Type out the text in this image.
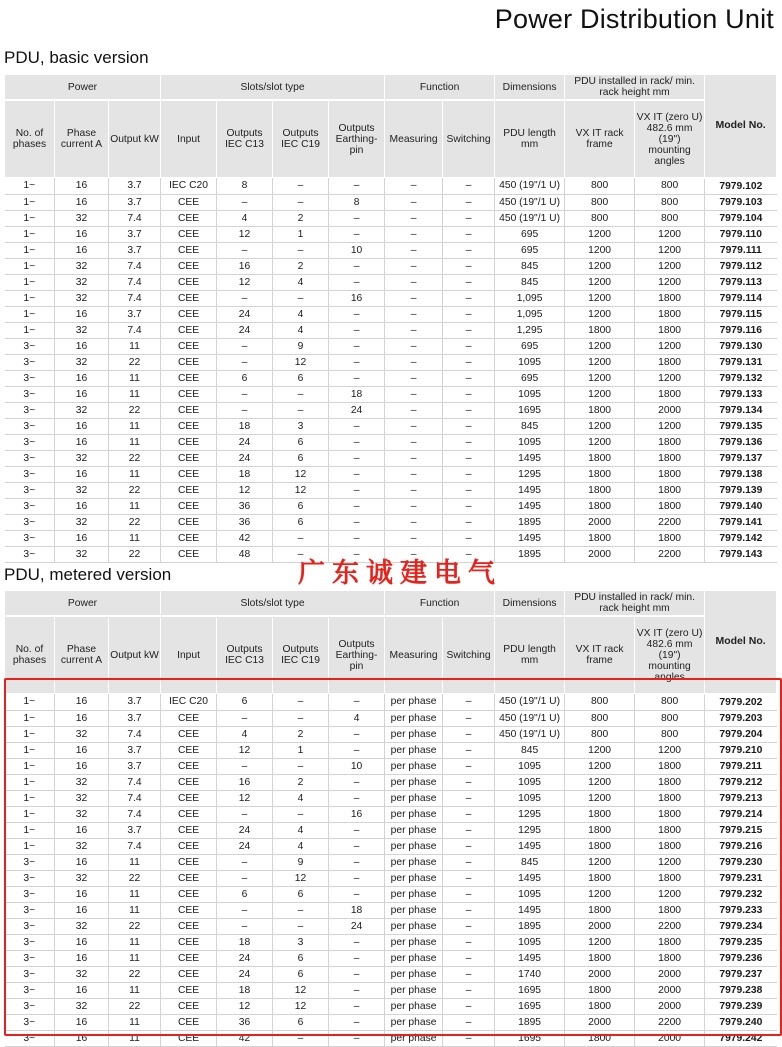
Power Distribution Unit
PDU, basic version
Power			Slots/slot type				Function		Dimensions	PDU installed in rack/ min. rack height mm		Model No.
No. of phases	Phase current A	Output kW	Input	Outputs IEC C13	Outputs IEC C19	Outputs Earthing-pin	Measuring	Switching	PDU length mm	VX IT rack frame	VX IT (zero U) 482.6 mm (19") mounting angles	
1~	16	3.7	IEC C20	8	–	–	–	–	450 (19"/1 U)	800	800	7979.102
1~	16	3.7	CEE	–	–	8	–	–	450 (19"/1 U)	800	800	7979.103
1~	32	7.4	CEE	4	2	–	–	–	450 (19"/1 U)	800	800	7979.104
1~	16	3.7	CEE	12	1	–	–	–	695	1200	1200	7979.110
1~	16	3.7	CEE	–	–	10	–	–	695	1200	1200	7979.111
1~	32	7.4	CEE	16	2	–	–	–	845	1200	1200	7979.112
1~	32	7.4	CEE	12	4	–	–	–	845	1200	1200	7979.113
1~	32	7.4	CEE	–	–	16	–	–	1,095	1200	1800	7979.114
1~	16	3.7	CEE	24	4	–	–	–	1,095	1200	1800	7979.115
1~	32	7.4	CEE	24	4	–	–	–	1,295	1800	1800	7979.116
3~	16	11	CEE	–	9	–	–	–	695	1200	1200	7979.130
3~	32	22	CEE	–	12	–	–	–	1095	1200	1800	7979.131
3~	16	11	CEE	6	6	–	–	–	695	1200	1200	7979.132
3~	16	11	CEE	–	–	18	–	–	1095	1200	1800	7979.133
3~	32	22	CEE	–	–	24	–	–	1695	1800	2000	7979.134
3~	16	11	CEE	18	3	–	–	–	845	1200	1200	7979.135
3~	16	11	CEE	24	6	–	–	–	1095	1200	1800	7979.136
3~	32	22	CEE	24	6	–	–	–	1495	1800	1800	7979.137
3~	16	11	CEE	18	12	–	–	–	1295	1800	1800	7979.138
3~	32	22	CEE	12	12	–	–	–	1495	1800	1800	7979.139
3~	16	11	CEE	36	6	–	–	–	1495	1800	1800	7979.140
3~	32	22	CEE	36	6	–	–	–	1895	2000	2200	7979.141
3~	16	11	CEE	42	–	–	–	–	1495	1800	1800	7979.142
3~	32	22	CEE	48	–	–	–	–	1895	2000	2200	7979.143
PDU, metered version	广东诚建电气
Power			Slots/slot type				Function		Dimensions	PDU installed in rack/ min. rack height mm		Model No.
No. of phases	Phase current A	Output kW	Input	Outputs IEC C13	Outputs IEC C19	Outputs Earthing-pin	Measuring	Switching	PDU length mm	VX IT rack frame	VX IT (zero U) 482.6 mm (19") mounting angles	
1~	16	3.7	IEC C20	6	–	–	per phase	–	450 (19"/1 U)	800	800	7979.202
1~	16	3.7	CEE	–	–	4	per phase	–	450 (19"/1 U)	800	800	7979.203
1~	32	7.4	CEE	4	2	–	per phase	–	450 (19"/1 U)	800	800	7979.204
1~	16	3.7	CEE	12	1	–	per phase	–	845	1200	1200	7979.210
1~	16	3.7	CEE	–	–	10	per phase	–	1095	1200	1800	7979.211
1~	32	7.4	CEE	16	2	–	per phase	–	1095	1200	1800	7979.212
1~	32	7.4	CEE	12	4	–	per phase	–	1095	1200	1800	7979.213
1~	32	7.4	CEE	–	–	16	per phase	–	1295	1800	1800	7979.214
1~	16	3.7	CEE	24	4	–	per phase	–	1295	1800	1800	7979.215
1~	32	7.4	CEE	24	4	–	per phase	–	1495	1800	1800	7979.216
3~	16	11	CEE	–	9	–	per phase	–	845	1200	1200	7979.230
3~	32	22	CEE	–	12	–	per phase	–	1495	1800	1800	7979.231
3~	16	11	CEE	6	6	–	per phase	–	1095	1200	1200	7979.232
3~	16	11	CEE	–	–	18	per phase	–	1495	1800	1800	7979.233
3~	32	22	CEE	–	–	24	per phase	–	1895	2000	2200	7979.234
3~	16	11	CEE	18	3	–	per phase	–	1095	1200	1800	7979.235
3~	16	11	CEE	24	6	–	per phase	–	1495	1800	1800	7979.236
3~	32	22	CEE	24	6	–	per phase	–	1740	2000	2000	7979.237
3~	16	11	CEE	18	12	–	per phase	–	1695	1800	2000	7979.238
3~	32	22	CEE	12	12	–	per phase	–	1695	1800	2000	7979.239
3~	16	11	CEE	36	6	–	per phase	–	1895	2000	2200	7979.240
3~	16	11	CEE	42	–	–	per phase	–	1695	1800	2000	7979.242
